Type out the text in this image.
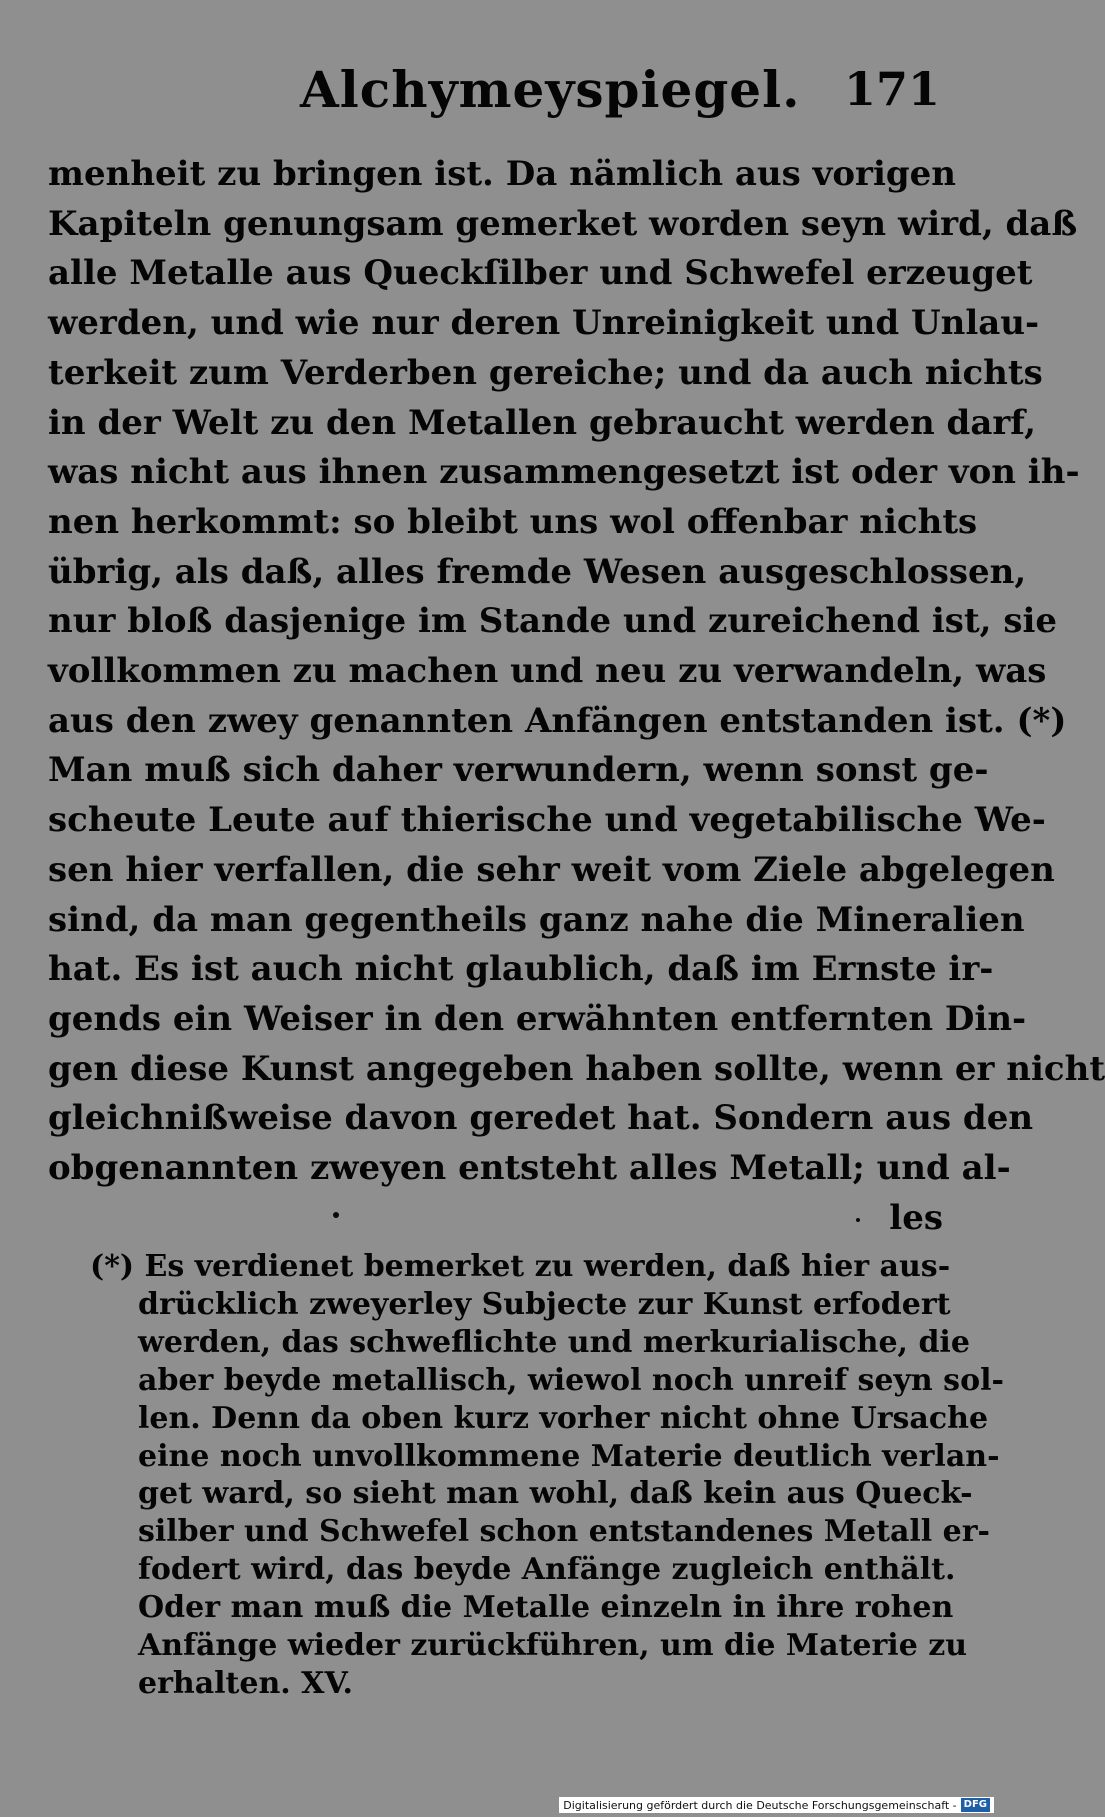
Alchymeyspiegel. 171
menheit zu bringen ist. Da nämlich aus vorigen
Kapiteln genungsam gemerket worden seyn wird, daß
alle Metalle aus Queckſilber und Schwefel erzeuget
werden, und wie nur deren Unreinigkeit und Unlau-
terkeit zum Verderben gereiche; und da auch nichts
in der Welt zu den Metallen gebraucht werden darf,
was nicht aus ihnen zusammengesetzt ist oder von ih-
nen herkommt: so bleibt uns wol offenbar nichts
übrig, als daß, alles fremde Wesen ausgeschlossen,
nur bloß dasjenige im Stande und zureichend ist, sie
vollkommen zu machen und neu zu verwandeln, was
aus den zwey genannten Anfängen entstanden ist. (*)
Man muß sich daher verwundern, wenn sonst ge-
scheute Leute auf thierische und vegetabilische We-
sen hier verfallen, die sehr weit vom Ziele abgelegen
sind, da man gegentheils ganz nahe die Mineralien
hat. Es ist auch nicht glaublich, daß im Ernste ir-
gends ein Weiser in den erwähnten entfernten Din-
gen diese Kunst angegeben haben sollte, wenn er nicht
gleichnißweise davon geredet hat. Sondern aus den
obgenannten zweyen entsteht alles Metall; und al-
les
(*) Es verdienet bemerket zu werden, daß hier aus-
drücklich zweyerley Subjecte zur Kunst erfodert
werden, das schweflichte und merkurialische, die
aber beyde metallisch, wiewol noch unreif seyn sol-
len. Denn da oben kurz vorher nicht ohne Ursache
eine noch unvollkommene Materie deutlich verlan-
get ward, so sieht man wohl, daß kein aus Queck-
silber und Schwefel schon entstandenes Metall er-
fodert wird, das beyde Anfänge zugleich enthält.
Oder man muß die Metalle einzeln in ihre rohen
Anfänge wieder zurückführen, um die Materie zu
erhalten. XV.
Digitalisierung gefördert durch die Deutsche Forschungsgemeinschaft - DFG
